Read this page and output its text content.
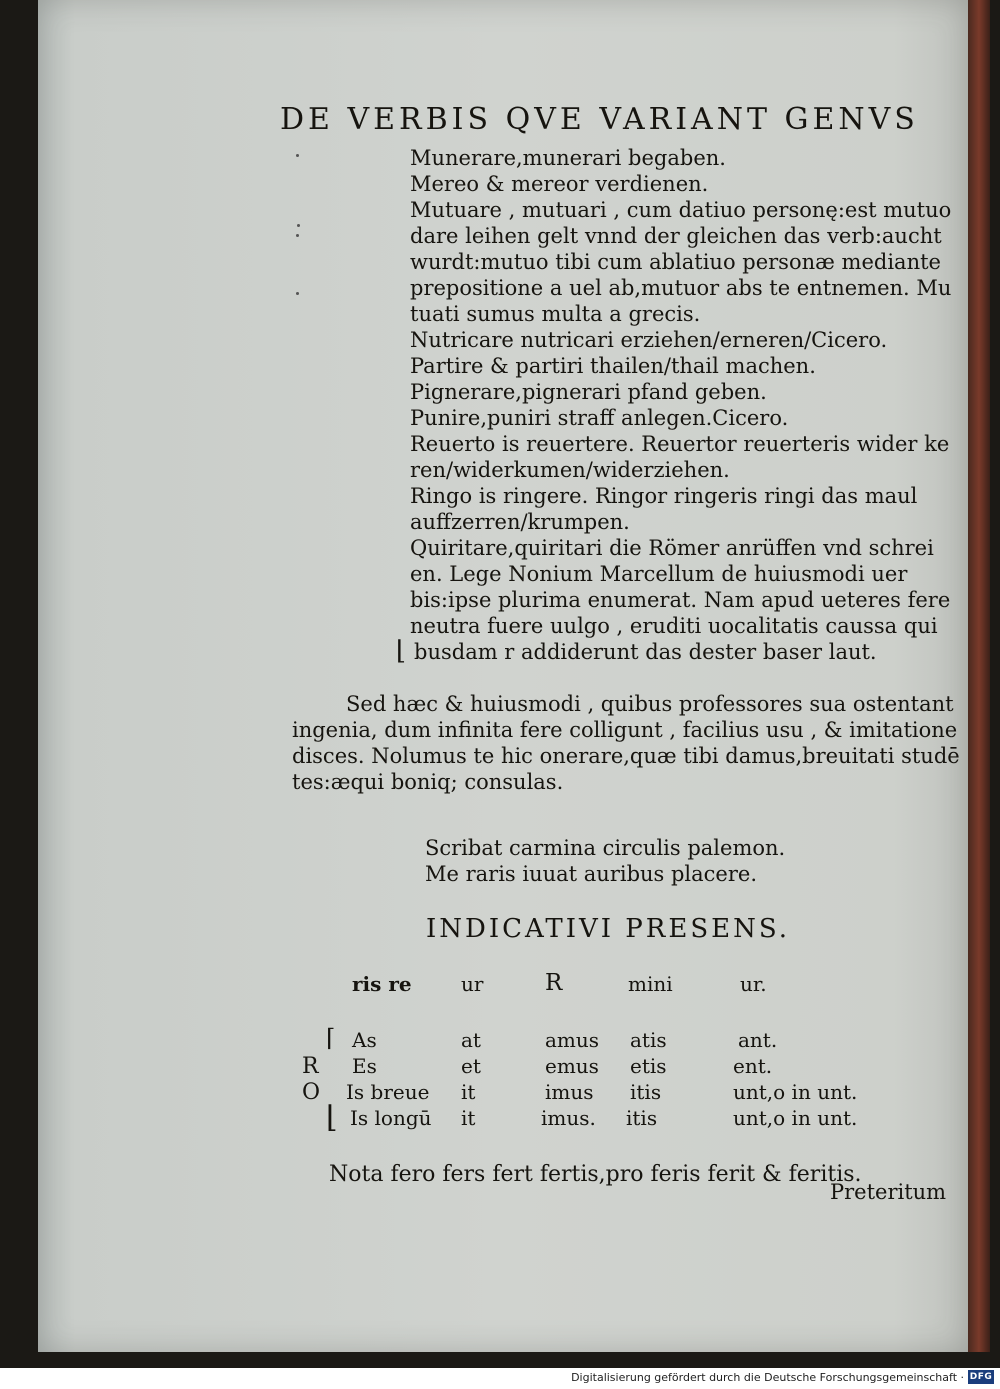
DE VERBIS QVE VARIANT GENVS
Munerare,munerari begaben.
Mereo & mereor verdienen.
Mutuare , mutuari , cum datiuo personę:est mutuo
dare leihen gelt vnnd der gleichen das verb:aucht
wurdt:mutuo tibi cum ablatiuo personæ mediante
prepositione a uel ab,mutuor abs te entnemen. Mu
tuati sumus multa a grecis.
Nutricare nutricari erziehen/erneren/Cicero.
Partire & partiri thailen/thail machen.
Pignerare,pignerari pfand geben.
Punire,puniri straff anlegen.Cicero.
Reuerto is reuertere. Reuertor reuerteris wider ke
ren/widerkumen/widerziehen.
Ringo is ringere. Ringor ringeris ringi das maul
auffzerren/krumpen.
Quiritare,quiritari die Römer anrüffen vnd schrei
en. Lege Nonium Marcellum de huiusmodi uer
bis:ipse plurima enumerat. Nam apud ueteres fere
neutra fuere uulgo , eruditi uocalitatis caussa qui
⌊ busdam r addiderunt das dester baser laut.
Sed hæc & huiusmodi , quibus professores sua ostentant
ingenia, dum infinita fere colligunt , facilius usu , & imitatione
disces. Nolumus te hic onerare,quæ tibi damus,breuitati studē
tes:æqui boniq; consulas.
Scribat carmina circulis palemon.
Me raris iuuat auribus placere.
INDICATIVI PRESENS.
ris re ur	R	mini	ur.
⌈
⌊
R
O
As	at	amus atis	ant.
Es	et	emus etis	ent.
Is breue it	imus itis	unt,o in unt.
Is longū it	imus. itis	unt,o in unt.
Nota fero fers fert fertis,pro feris ferit & feritis.
Preteritum
Digitalisierung gefördert durch die Deutsche Forschungsgemeinschaft · DFG
